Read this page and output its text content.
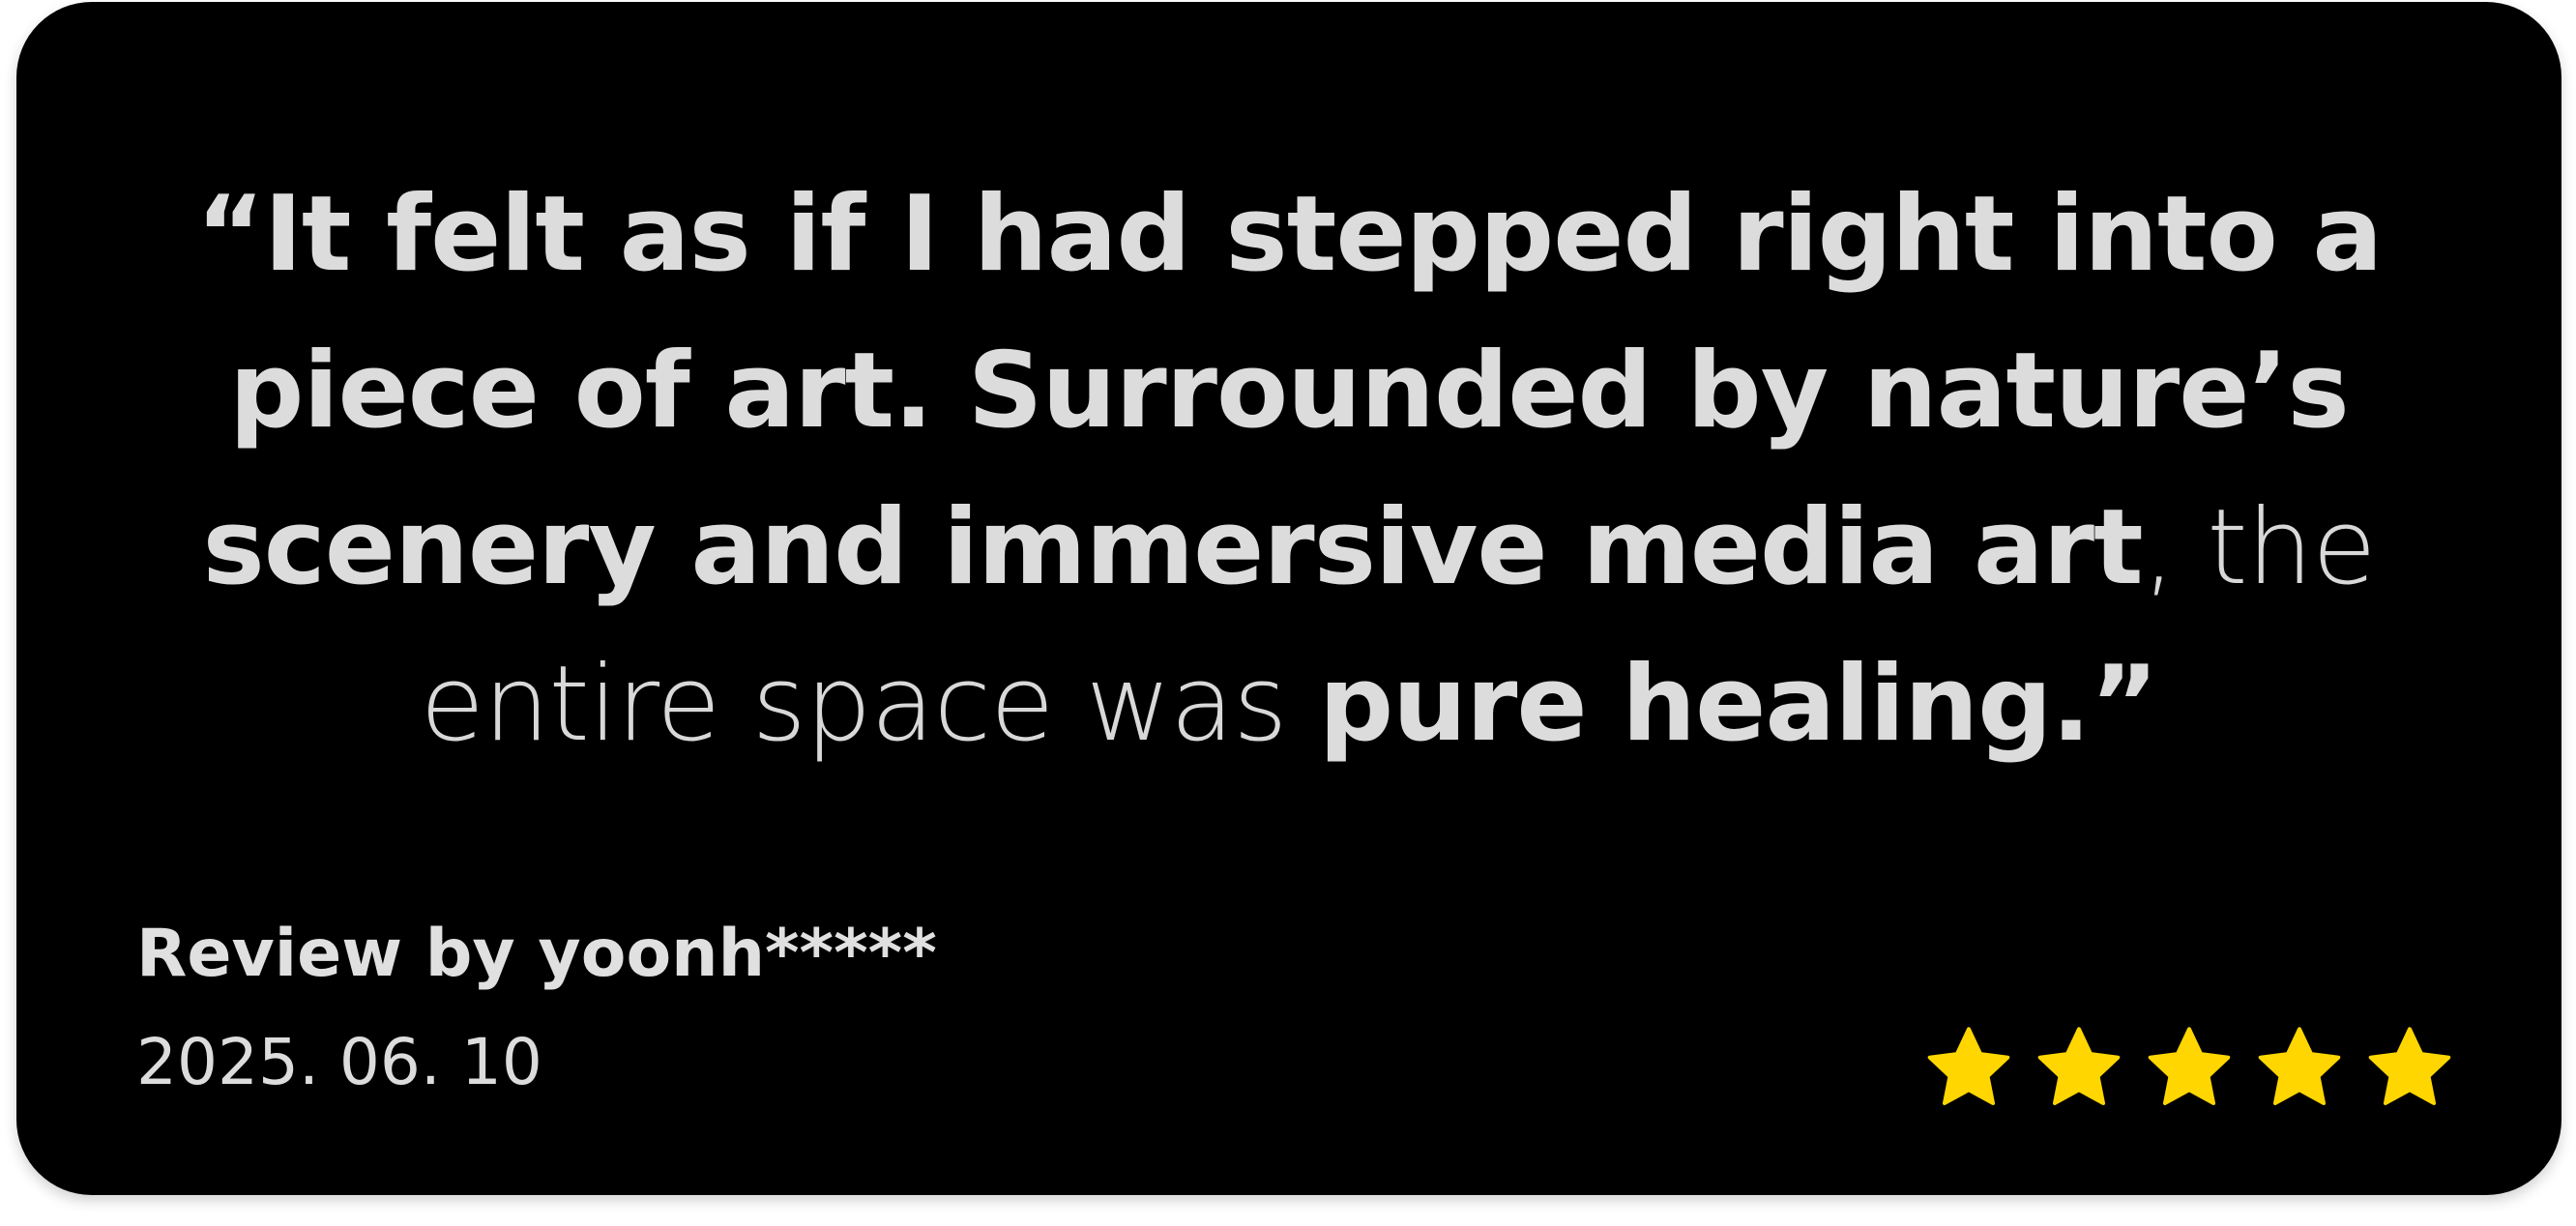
“It felt as if I had stepped right into a piece of art. Surrounded by nature’s scenery and immersive media art, the entire space was pure healing.”

Review by yoonh*****
2025. 06. 10
